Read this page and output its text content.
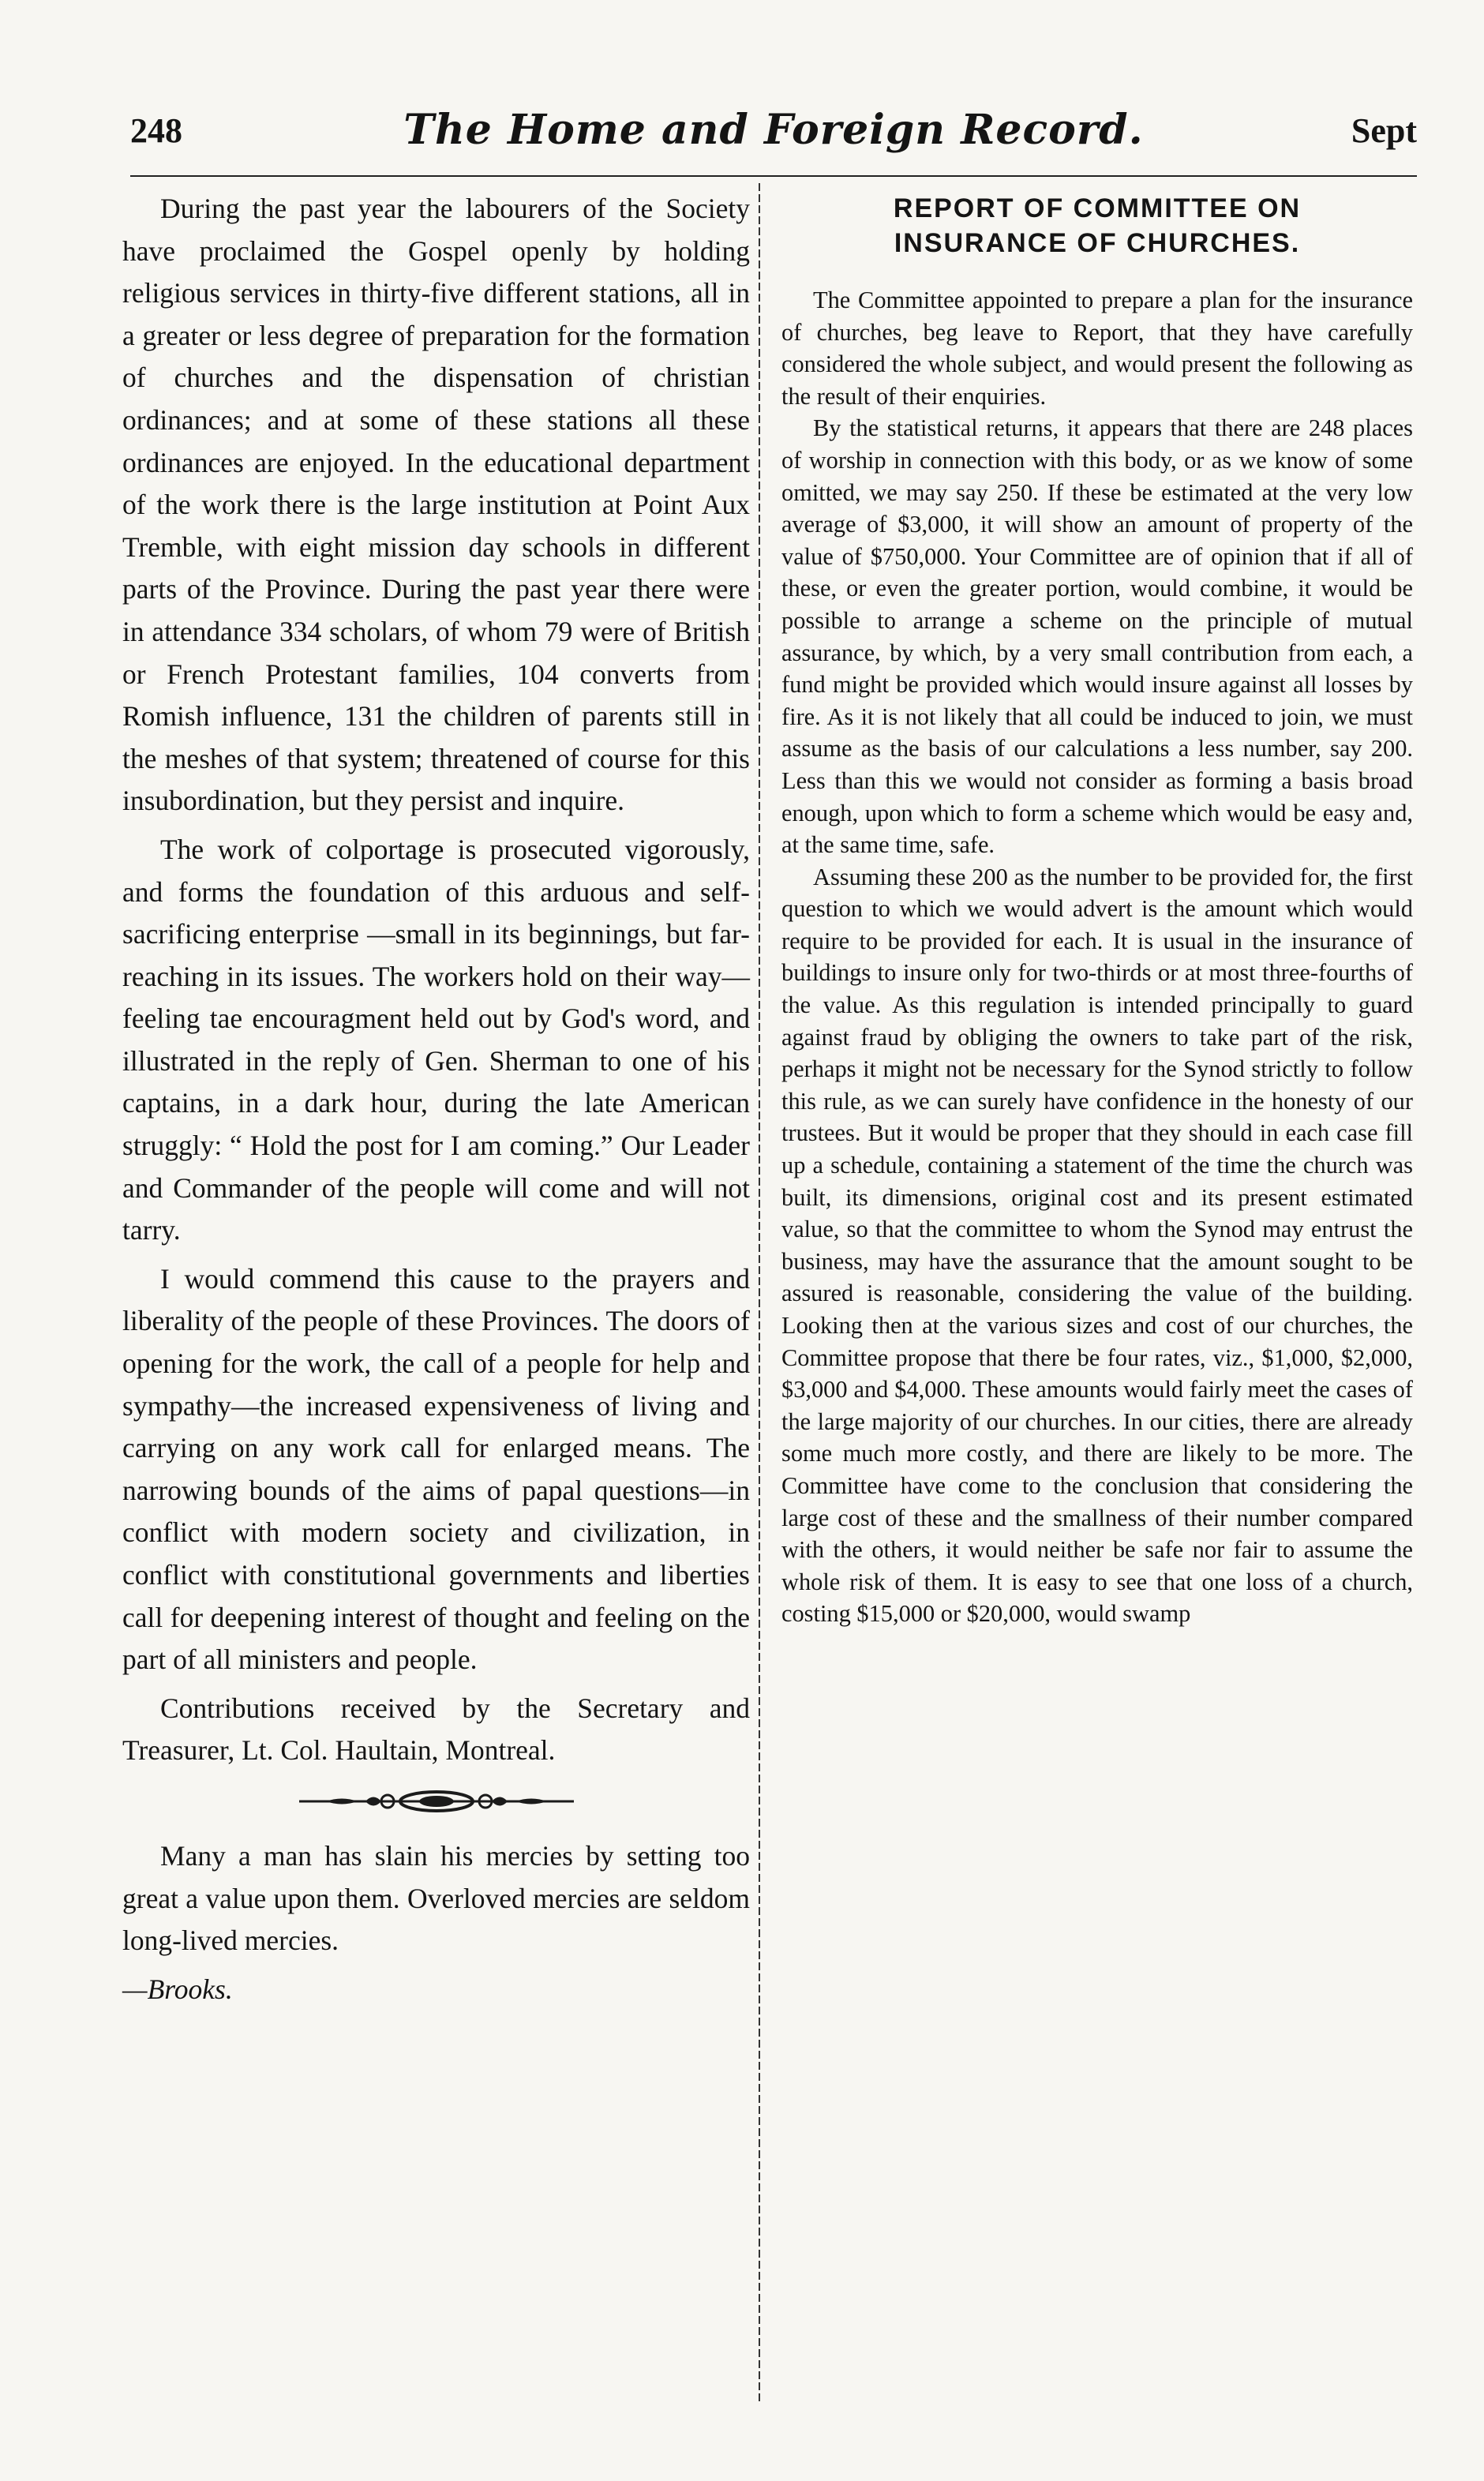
248	The Home and Foreign Record.	Sept

During the past year the labourers of the Society have proclaimed the Gospel openly by holding religious services in thirty-five different stations, all in a greater or less degree of preparation for the formation of churches and the dispensation of christian ordinances; and at some of these stations all these ordinances are enjoyed. In the educational department of the work there is the large institution at Point Aux Tremble, with eight mission day schools in different parts of the Province. During the past year there were in attendance 334 scholars, of whom 79 were of British or French Protestant families, 104 converts from Romish influence, 131 the children of parents still in the meshes of that system; threatened of course for this insubordination, but they persist and inquire.

The work of colportage is prosecuted vigorously, and forms the foundation of this arduous and self-sacrificing enterprise —small in its beginnings, but far-reaching in its issues. The workers hold on their way—feeling tae encouragment held out by God's word, and illustrated in the reply of Gen. Sherman to one of his captains, in a dark hour, during the late American struggly: “ Hold the post for I am coming.” Our Leader and Commander of the people will come and will not tarry.

I would commend this cause to the prayers and liberality of the people of these Provinces. The doors of opening for the work, the call of a people for help and sympathy—the increased expensiveness of living and carrying on any work call for enlarged means. The narrowing bounds of the aims of papal questions—in conflict with modern society and civilization, in conflict with constitutional governments and liberties call for deepening interest of thought and feeling on the part of all ministers and people.

Contributions received by the Secretary and Treasurer, Lt. Col. Haultain, Montreal.

Many a man has slain his mercies by setting too great a value upon them. Overloved mercies are seldom long-lived mercies.

—Brooks.
REPORT OF COMMITTEE ON
INSURANCE OF CHURCHES.

The Committee appointed to prepare a plan for the insurance of churches, beg leave to Report, that they have carefully considered the whole subject, and would present the following as the result of their enquiries.

By the statistical returns, it appears that there are 248 places of worship in connection with this body, or as we know of some omitted, we may say 250. If these be estimated at the very low average of $3,000, it will show an amount of property of the value of $750,000. Your Committee are of opinion that if all of these, or even the greater portion, would combine, it would be possible to arrange a scheme on the principle of mutual assurance, by which, by a very small contribution from each, a fund might be provided which would insure against all losses by fire. As it is not likely that all could be induced to join, we must assume as the basis of our calculations a less number, say 200. Less than this we would not consider as forming a basis broad enough, upon which to form a scheme which would be easy and, at the same time, safe.

Assuming these 200 as the number to be provided for, the first question to which we would advert is the amount which would require to be provided for each. It is usual in the insurance of buildings to insure only for two-thirds or at most three-fourths of the value. As this regulation is intended principally to guard against fraud by obliging the owners to take part of the risk, perhaps it might not be necessary for the Synod strictly to follow this rule, as we can surely have confidence in the honesty of our trustees. But it would be proper that they should in each case fill up a schedule, containing a statement of the time the church was built, its dimensions, original cost and its present estimated value, so that the committee to whom the Synod may entrust the business, may have the assurance that the amount sought to be assured is reasonable, considering the value of the building. Looking then at the various sizes and cost of our churches, the Committee propose that there be four rates, viz., $1,000, $2,000, $3,000 and $4,000. These amounts would fairly meet the cases of the large majority of our churches. In our cities, there are already some much more costly, and there are likely to be more. The Committee have come to the conclusion that considering the large cost of these and the smallness of their number compared with the others, it would neither be safe nor fair to assume the whole risk of them. It is easy to see that one loss of a church, costing $15,000 or $20,000, would swamp
